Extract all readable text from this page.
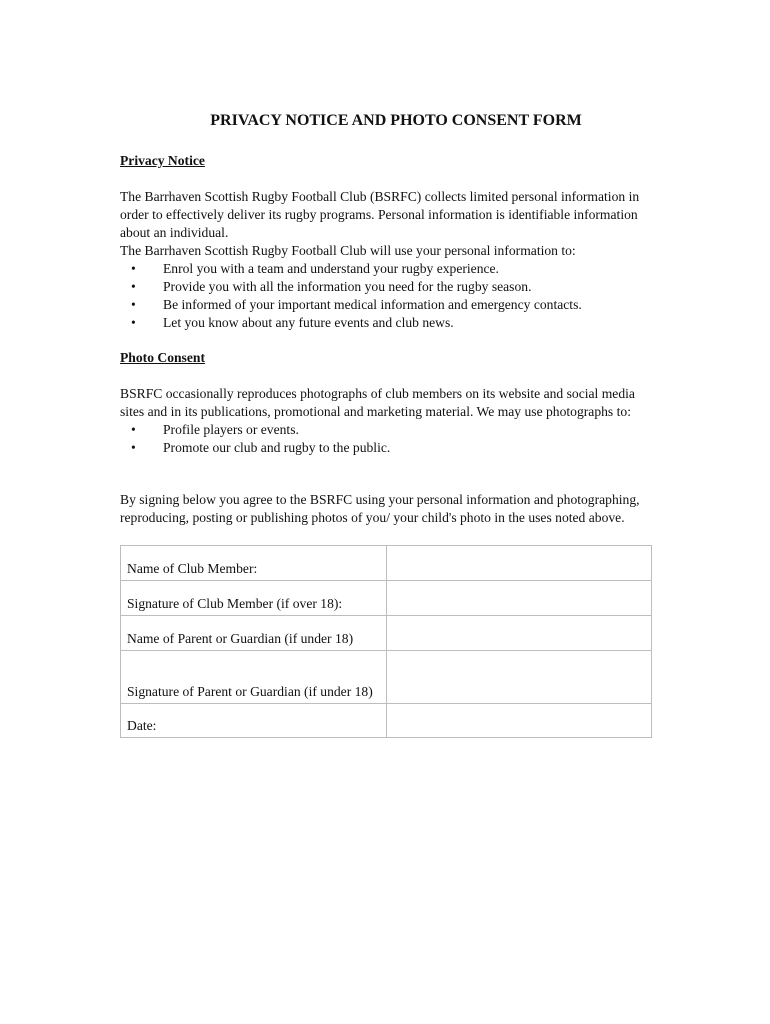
PRIVACY NOTICE AND PHOTO CONSENT FORM
Privacy Notice

The Barrhaven Scottish Rugby Football Club (BSRFC) collects limited personal information in order to effectively deliver its rugby programs. Personal information is identifiable information about an individual.

The Barrhaven Scottish Rugby Football Club will use your personal information to:

• Enrol you with a team and understand your rugby experience.
• Provide you with all the information you need for the rugby season.
• Be informed of your important medical information and emergency contacts.
• Let you know about any future events and club news.
Photo Consent

BSRFC occasionally reproduces photographs of club members on its website and social media sites and in its publications, promotional and marketing material. We may use photographs to:

• Profile players or events.
• Promote our club and rugby to the public.

By signing below you agree to the BSRFC using your personal information and photographing, reproducing, posting or publishing photos of you/ your child's photo in the uses noted above.

Name of Club Member:	
Signature of Club Member (if over 18):	
Name of Parent or Guardian (if under 18)	
Signature of Parent or Guardian (if under 18)	
Date:	
